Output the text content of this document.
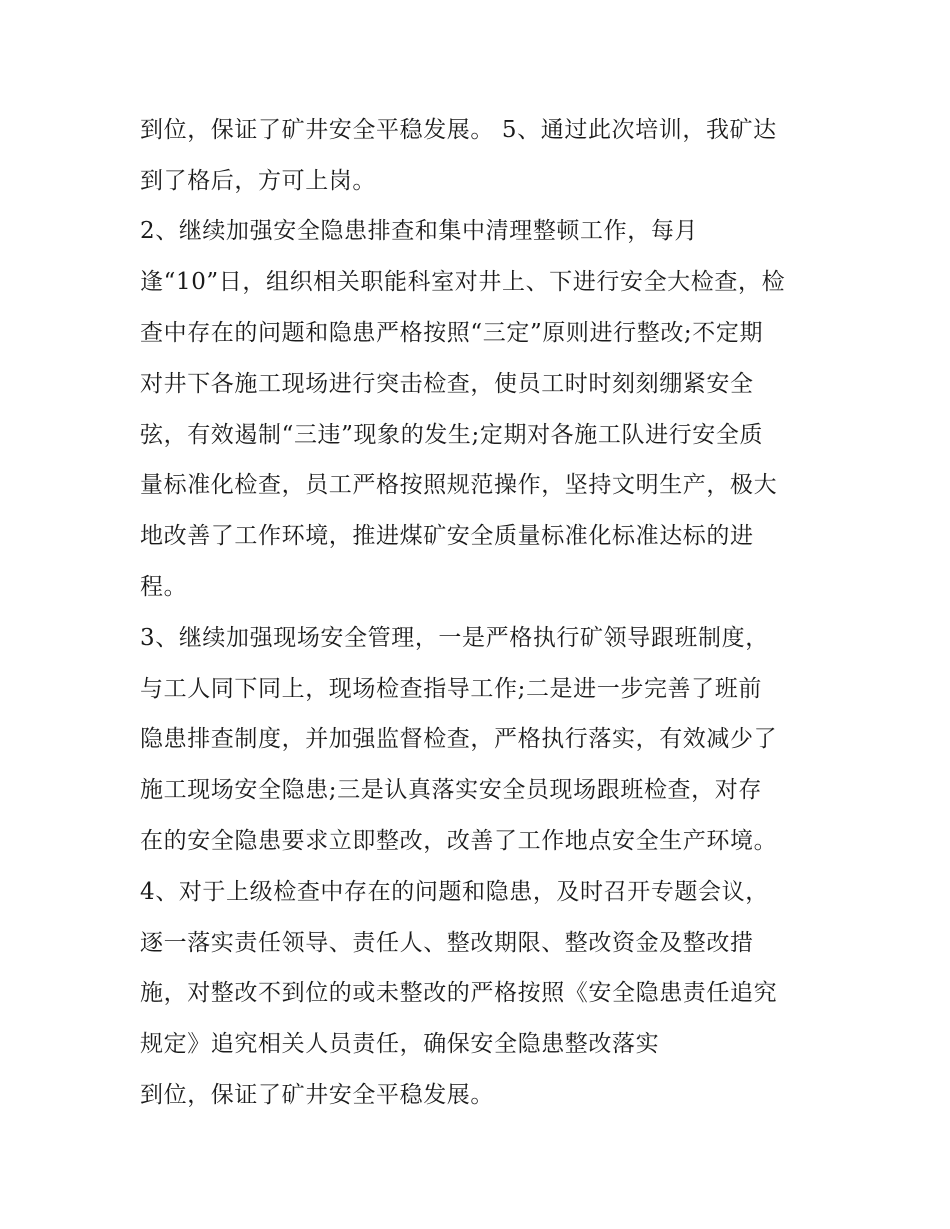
到位，保证了矿井安全平稳发展。 5、通过此次培训，我矿达
到了格后，方可上岗。
2、继续加强安全隐患排查和集中清理整顿工作，每月
逢“10”日，组织相关职能科室对井上、下进行安全大检查，检
查中存在的问题和隐患严格按照“三定”原则进行整改;不定期
对井下各施工现场进行突击检查，使员工时时刻刻绷紧安全
弦，有效遏制“三违”现象的发生;定期对各施工队进行安全质
量标准化检查，员工严格按照规范操作，坚持文明生产，极大
地改善了工作环境，推进煤矿安全质量标准化标准达标的进
程。
3、继续加强现场安全管理，一是严格执行矿领导跟班制度，
与工人同下同上，现场检查指导工作;二是进一步完善了班前
隐患排查制度，并加强监督检查，严格执行落实，有效减少了
施工现场安全隐患;三是认真落实安全员现场跟班检查，对存
在的安全隐患要求立即整改，改善了工作地点安全生产环境。
4、对于上级检查中存在的问题和隐患，及时召开专题会议，
逐一落实责任领导、责任人、整改期限、整改资金及整改措
施，对整改不到位的或未整改的严格按照《安全隐患责任追究
规定》追究相关人员责任，确保安全隐患整改落实
到位，保证了矿井安全平稳发展。
